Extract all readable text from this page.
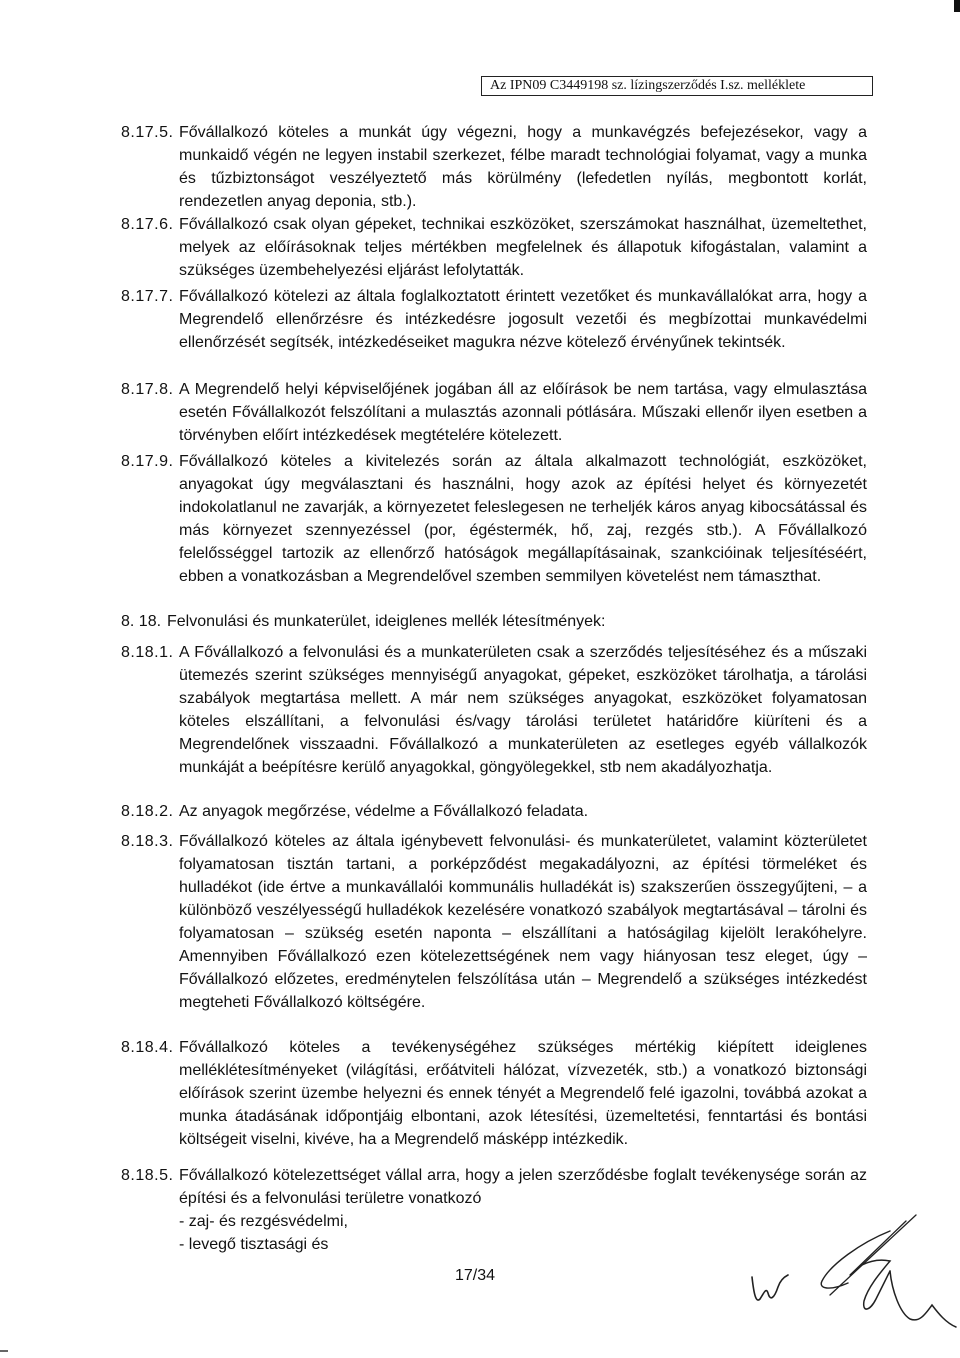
Az IPN09 C3449198 sz. lízingszerződés I.sz. melléklete
8.17.5. Fővállalkozó köteles a munkát úgy végezni, hogy a munkavégzés befejezésekor, vagy a munkaidő végén ne legyen instabil szerkezet, félbe maradt technológiai folyamat, vagy a munka és tűzbiztonságot veszélyeztető más körülmény (lefedetlen nyílás, megbontott korlát, rendezetlen anyag deponia, stb.).
8.17.6. Fővállalkozó csak olyan gépeket, technikai eszközöket, szerszámokat használhat, üzemeltethet, melyek az előírásoknak teljes mértékben megfelelnek és állapotuk kifogástalan, valamint a szükséges üzembehelyezési eljárást lefolytatták.
8.17.7. Fővállalkozó kötelezi az általa foglalkoztatott érintett vezetőket és munkavállalókat arra, hogy a Megrendelő ellenőrzésre és intézkedésre jogosult vezetői és megbízottai munkavédelmi ellenőrzését segítsék, intézkedéseiket magukra nézve kötelező érvényűnek tekintsék.
8.17.8. A Megrendelő helyi képviselőjének jogában áll az előírások be nem tartása, vagy elmulasztása esetén Fővállalkozót felszólítani a mulasztás azonnali pótlására. Műszaki ellenőr ilyen esetben a törvényben előírt intézkedések megtételére kötelezett.
8.17.9. Fővállalkozó köteles a kivitelezés során az általa alkalmazott technológiát, eszközöket, anyagokat úgy megválasztani és használni, hogy azok az építési helyet és környezetét indokolatlanul ne zavarják, a környezetet feleslegesen ne terheljék káros anyag kibocsátással és más környezet szennyezéssel (por, égéstermék, hő, zaj, rezgés stb.). A Fővállalkozó felelősséggel tartozik az ellenőrző hatóságok megállapításainak, szankcióinak teljesítéséért, ebben a vonatkozásban a Megrendelővel szemben semmilyen követelést nem támaszthat.
8. 18. Felvonulási és munkaterület, ideiglenes mellék létesítmények:
8.18.1. A Fővállalkozó a felvonulási és a munkaterületen csak a szerződés teljesítéséhez és a műszaki ütemezés szerint szükséges mennyiségű anyagokat, gépeket, eszközöket tárolhatja, a tárolási szabályok megtartása mellett. A már nem szükséges anyagokat, eszközöket folyamatosan köteles elszállítani, a felvonulási és/vagy tárolási területet határidőre kiüríteni és a Megrendelőnek visszaadni. Fővállalkozó a munkaterületen az esetleges egyéb vállalkozók munkáját a beépítésre kerülő anyagokkal, göngyölegekkel, stb nem akadályozhatja.
8.18.2. Az anyagok megőrzése, védelme a Fővállalkozó feladata.
8.18.3. Fővállalkozó köteles az általa igénybevett felvonulási- és munkaterületet, valamint közterületet folyamatosan tisztán tartani, a porképződést megakadályozni, az építési törmeléket és hulladékot (ide értve a munkavállalói kommunális hulladékát is) szakszerűen összegyűjteni, – a különböző veszélyességű hulladékok kezelésére vonatkozó szabályok megtartásával – tárolni és folyamatosan – szükség esetén naponta – elszállítani a hatóságilag kijelölt lerakóhelyre. Amennyiben Fővállalkozó ezen kötelezettségének nem vagy hiányosan tesz eleget, úgy – Fővállalkozó előzetes, eredménytelen felszólítása után – Megrendelő a szükséges intézkedést megteheti Fővállalkozó költségére.
8.18.4. Fővállalkozó köteles a tevékenységéhez szükséges mértékig kiépített ideiglenes melléklétesítményeket (világítási, erőátviteli hálózat, vízvezeték, stb.) a vonatkozó biztonsági előírások szerint üzembe helyezni és ennek tényét a Megrendelő felé igazolni, továbbá azokat a munka átadásának időpontjáig elbontani, azok létesítési, üzemeltetési, fenntartási és bontási költségeit viselni, kivéve, ha a Megrendelő másképp intézkedik.
8.18.5. Fővállalkozó kötelezettséget vállal arra, hogy a jelen szerződésbe foglalt tevékenysége során az építési és a felvonulási területre vonatkozó
- zaj- és rezgésvédelmi,
- levegő tisztasági és
17/34
